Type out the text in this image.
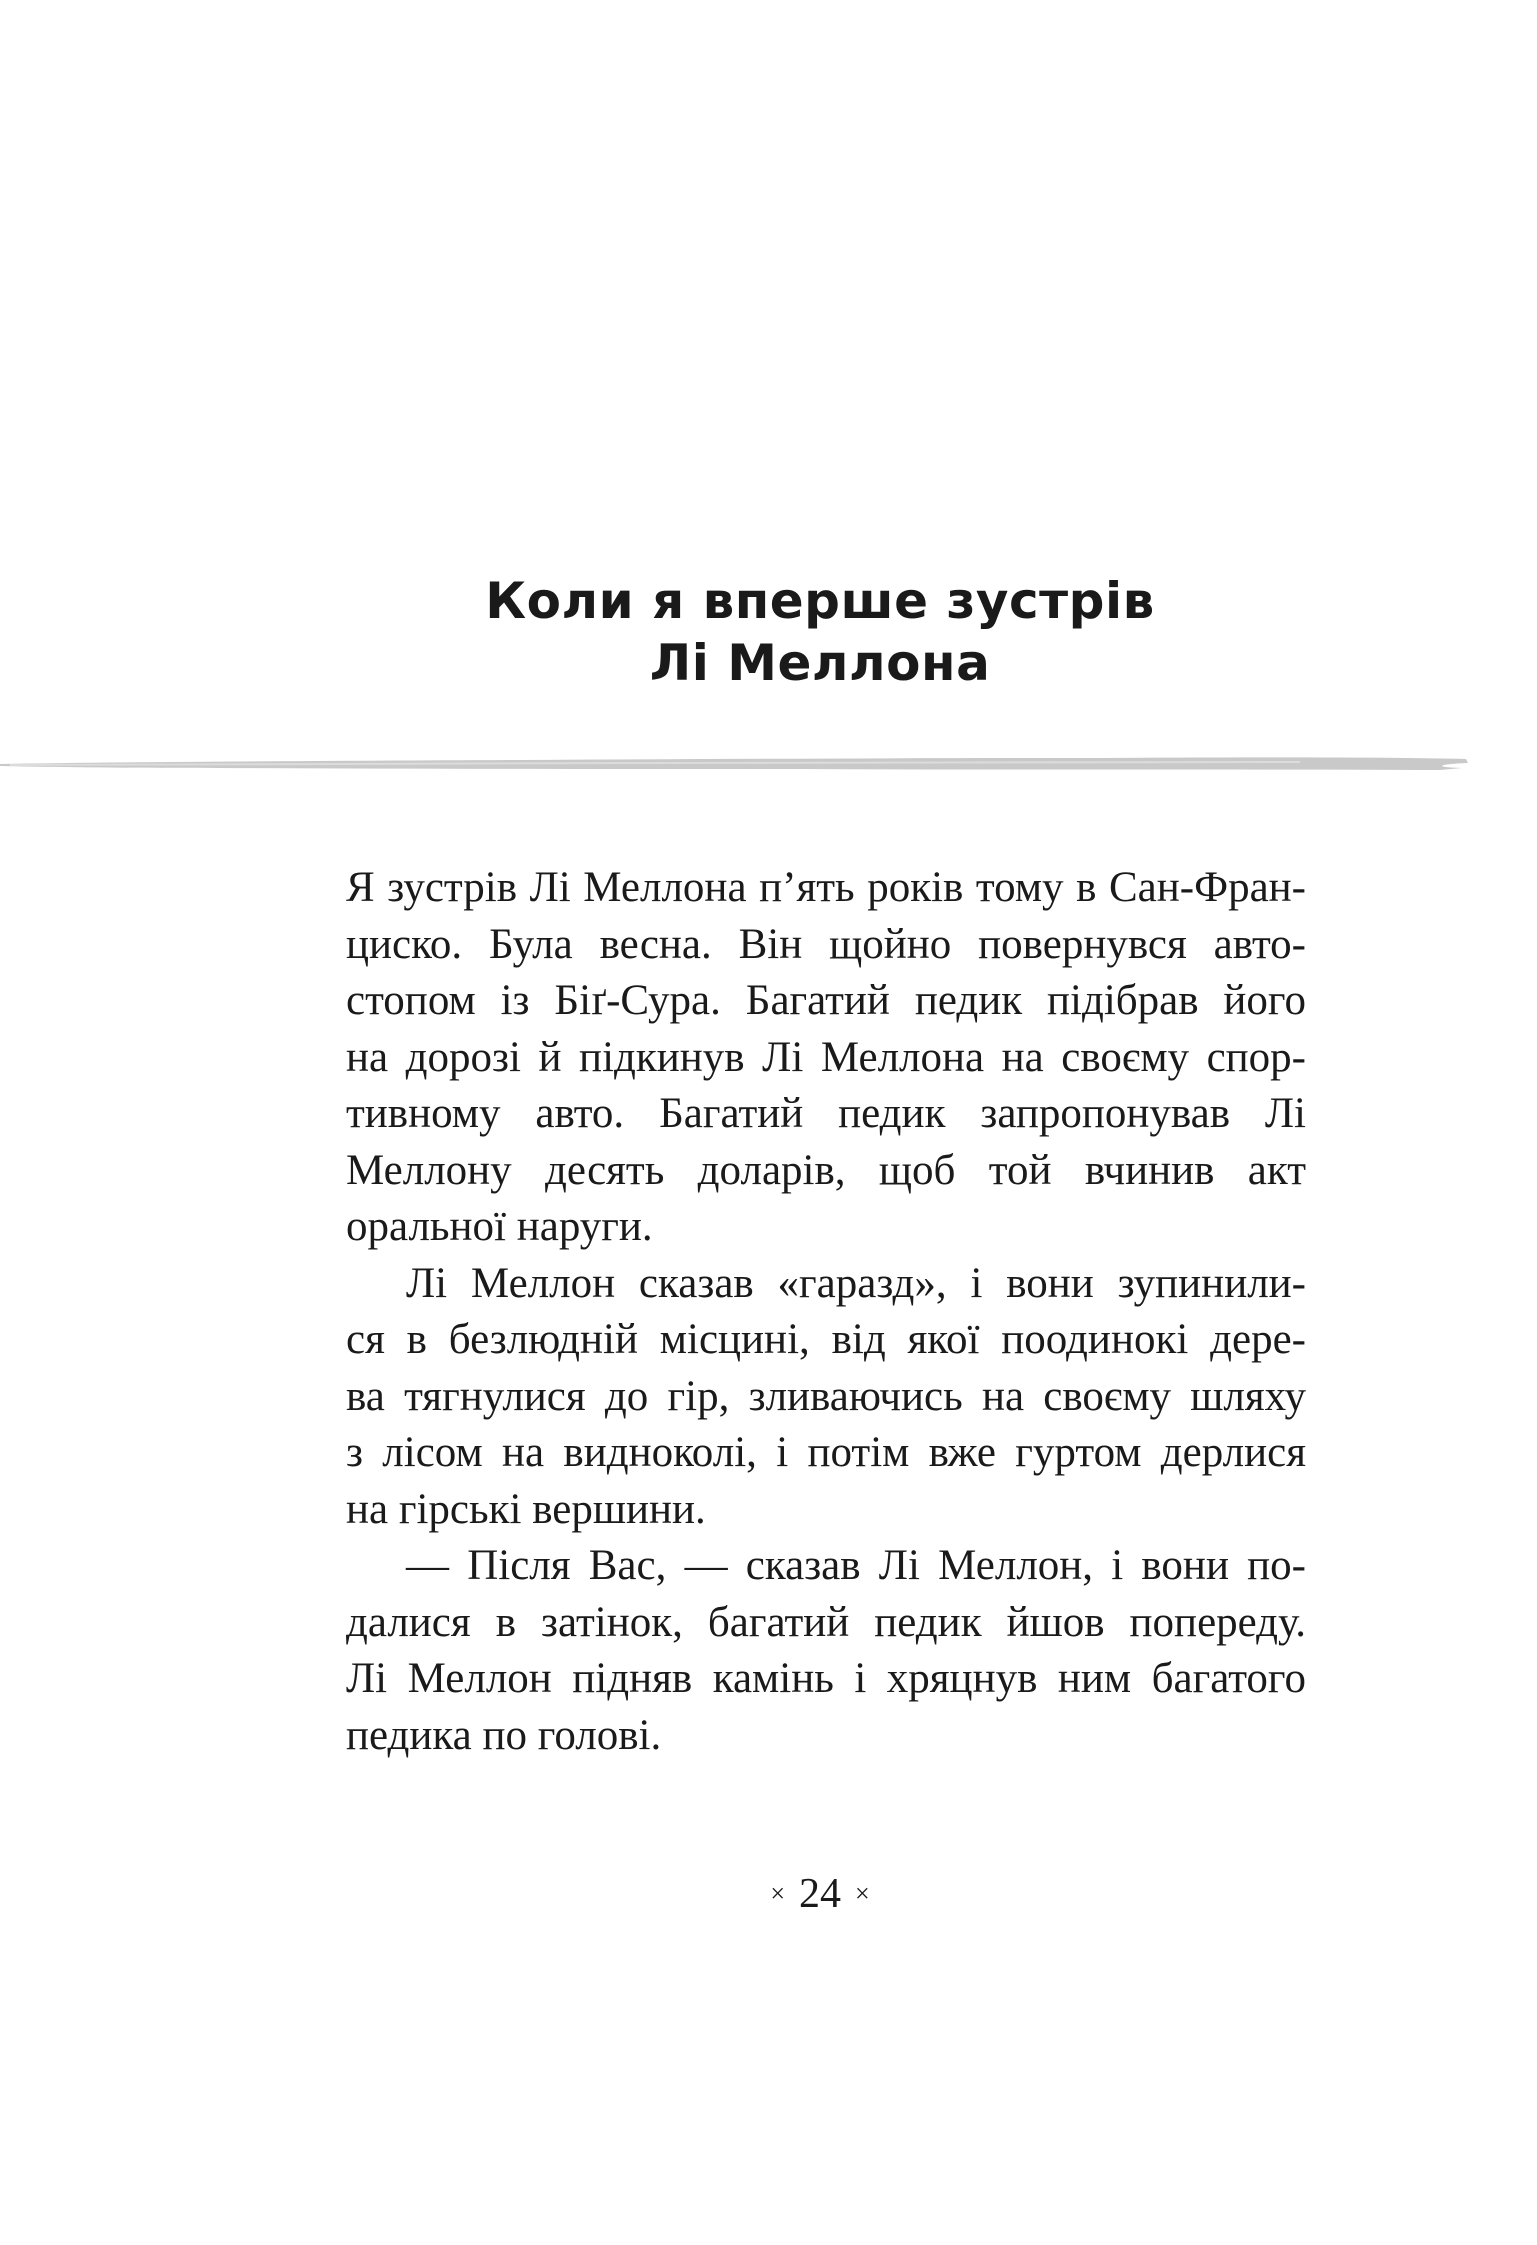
Коли я вперше зустрів
Лі Меллона
Я зустрів Лі Меллона п’ять років тому в Сан-Фран-
циско. Була весна. Він щойно повернувся авто-
стопом із Біґ-Сура. Багатий педик підібрав його
на дорозі й підкинув Лі Меллона на своєму спор-
тивному авто. Багатий педик запропонував Лі
Меллону десять доларів, щоб той вчинив акт
оральної наруги.
Лі Меллон сказав «гаразд», і вони зупинили-
ся в безлюдній місцині, від якої поодинокі дере-
ва тягнулися до гір, зливаючись на своєму шляху
з лісом на видноколі, і потім вже гуртом дерлися
на гірські вершини.
— Після Вас, — сказав Лі Меллон, і вони по-
далися в затінок, багатий педик йшов попереду.
Лі Меллон підняв камінь і хряцнув ним багатого
педика по голові.
× 24 ×
